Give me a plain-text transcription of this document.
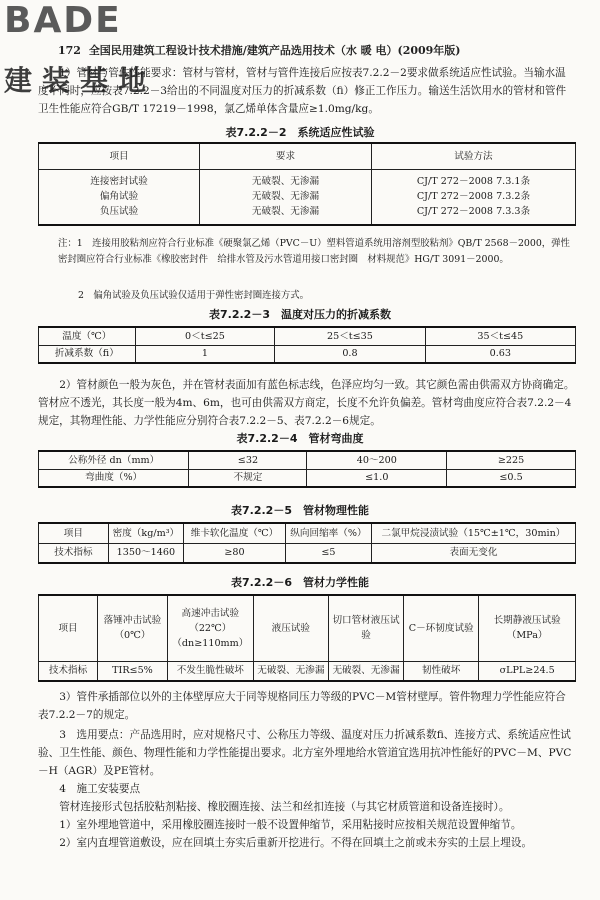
BADE
建装基地
172 全国民用建筑工程设计技术措施/建筑产品选用技术（水 暖 电）(2009年版)
1）管材与管件性能要求：管材与管材，管材与管件连接后应按表7.2.2－2要求做系统适应性试验。当输水温度不同时，应按表7.2.2－3给出的不同温度对压力的折减系数（fi）修正工作压力。输送生活饮用水的管材和管件卫生性能应符合GB/T 17219－1998，氯乙烯单体含量应≥1.0mg/kg。
表7.2.2－2　系统适应性试验
项目	要求	试验方法
连接密封试验	无破裂、无渗漏	CJ/T 272－2008 7.3.1条
偏角试验	无破裂、无渗漏	CJ/T 272－2008 7.3.2条
负压试验	无破裂、无渗漏	CJ/T 272－2008 7.3.3条
注：1　连接用胶粘剂应符合行业标准《硬聚氯乙烯（PVC－U）塑料管道系统用溶剂型胶粘剂》QB/T 2568－2000，弹性密封圈应符合行业标准《橡胶密封件　给排水管及污水管道用接口密封圈　材料规范》HG/T 3091－2000。
2　偏角试验及负压试验仅适用于弹性密封圈连接方式。
表7.2.2－3　温度对压力的折减系数
温度（℃）	0＜t≤25	25＜t≤35	35＜t≤45
折减系数（fi）	1	0.8	0.63
2）管材颜色一般为灰色，并在管材表面加有蓝色标志线，色泽应均匀一致。其它颜色需由供需双方协商确定。管材应不透光，其长度一般为4m、6m，也可由供需双方商定，长度不允许负偏差。管材弯曲度应符合表7.2.2－4规定，其物理性能、力学性能应分别符合表7.2.2－5、表7.2.2－6规定。
表7.2.2－4　管材弯曲度
公称外径 dn（mm）	≤32	40～200	≥225
弯曲度（%）	不规定	≤1.0	≤0.5
表7.2.2－5　管材物理性能
项目	密度（kg/m³）	维卡软化温度（℃）	纵向回缩率（%）	二氯甲烷浸渍试验（15℃±1℃，30min）
技术指标	1350～1460	≥80	≤5	表面无变化
表7.2.2－6　管材力学性能
项目	落锤冲击试验（0℃）	高速冲击试验（22℃）（dn≥110mm）	液压试验	切口管材液压试验	C－环韧度试验	长期静液压试验（MPa）
技术指标	TIR≤5%	不发生脆性破坏	无破裂、无渗漏	无破裂、无渗漏	韧性破坏	σLPL≥24.5
3）管件承插部位以外的主体壁厚应大于同等规格同压力等级的PVC－M管材壁厚。管件物理力学性能应符合表7.2.2－7的规定。
3　选用要点：产品选用时，应对规格尺寸、公称压力等级、温度对压力折减系数fi、连接方式、系统适应性试验、卫生性能、颜色、物理性能和力学性能提出要求。北方室外埋地给水管道宜选用抗冲性能好的PVC－M、PVC－H（AGR）及PE管材。
4　施工安装要点
管材连接形式包括胶粘剂粘接、橡胶圈连接、法兰和丝扣连接（与其它材质管道和设备连接时）。
1）室外埋地管道中，采用橡胶圈连接时一般不设置伸缩节，采用粘接时应按相关规范设置伸缩节。
2）室内直埋管道敷设，应在回填土夯实后重新开挖进行。不得在回填土之前或未夯实的土层上埋设。
